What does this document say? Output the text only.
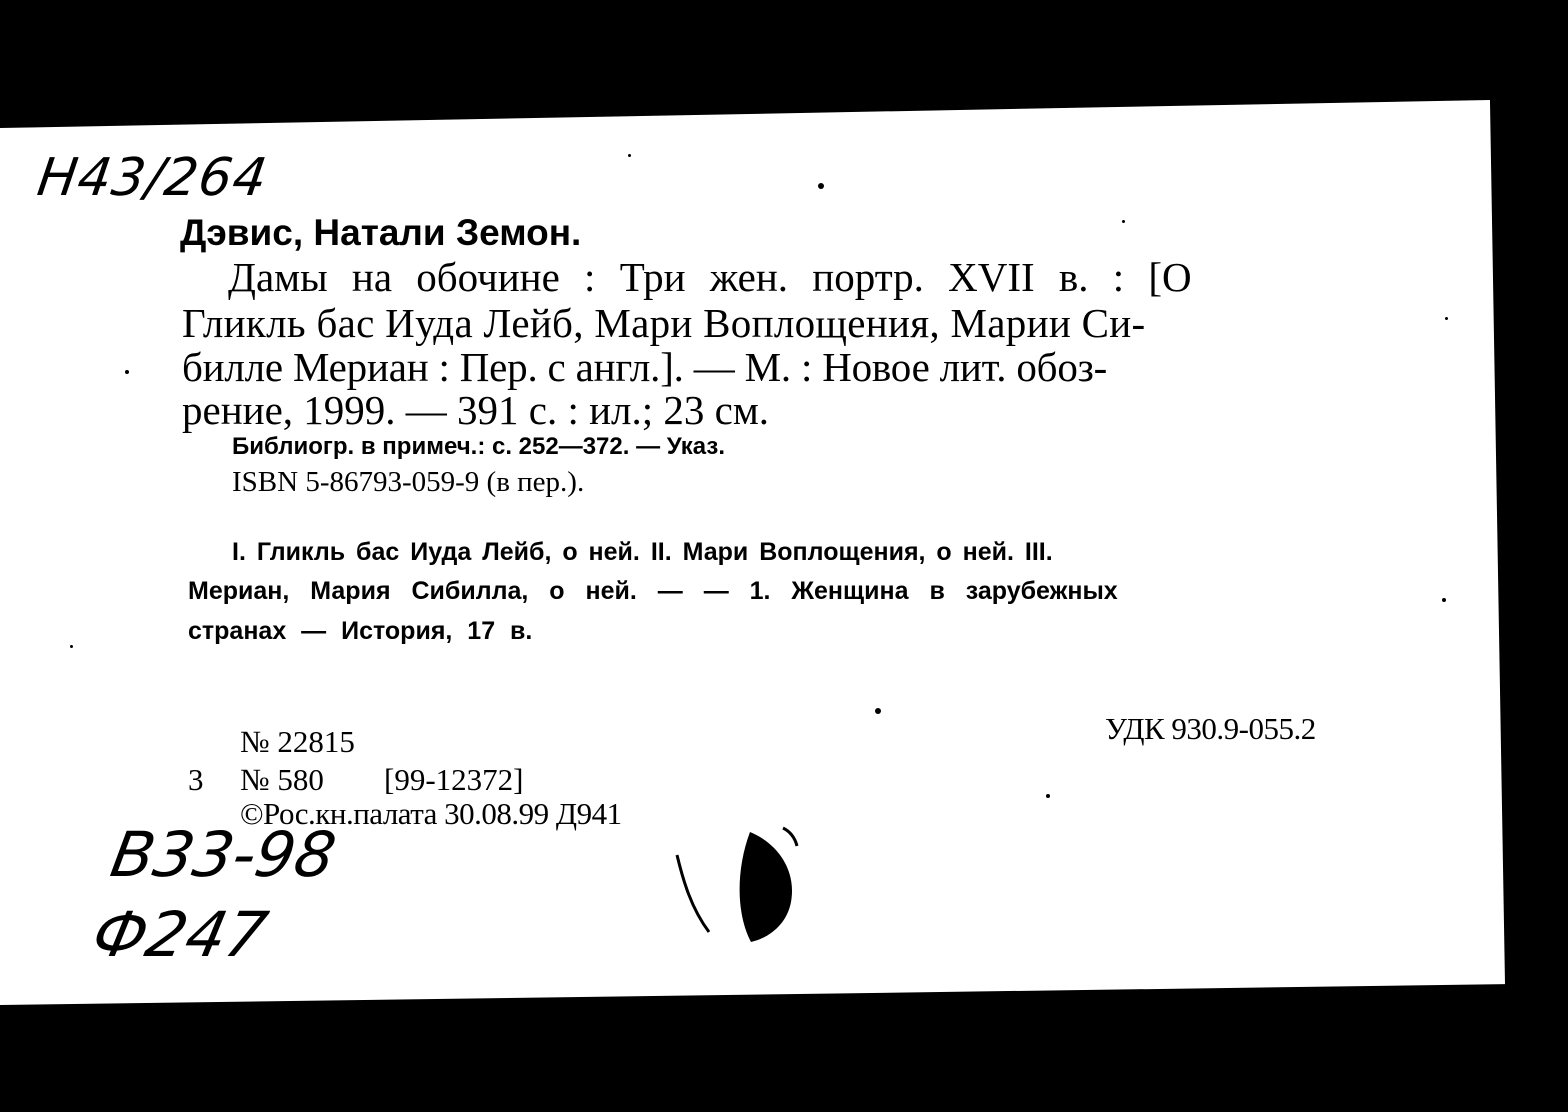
Н43/264
Дэвис, Натали Земон.
Дамы на обочине : Три жен. портр. XVII в. : [О
Гликль бас Иуда Лейб, Мари Воплощения, Марии Си-
билле Мериан : Пер. с англ.]. — М. : Новое лит. обоз-
рение, 1999. — 391 с. : ил.; 23 см.
Библиогр. в примеч.: с. 252—372. — Указ.
ISBN 5-86793-059-9 (в пер.).
I. Гликль бас Иуда Лейб, о ней. II. Мари Воплощения, о ней. III.
Мериан, Мария Сибилла, о ней. — — 1. Женщина в зарубежных
странах — История, 17 в.
№ 22815
3 № 580 [99-12372]
©Рос.кн.палата 30.08.99 Д941
УДК 930.9-055.2
В33-98
Ф247
